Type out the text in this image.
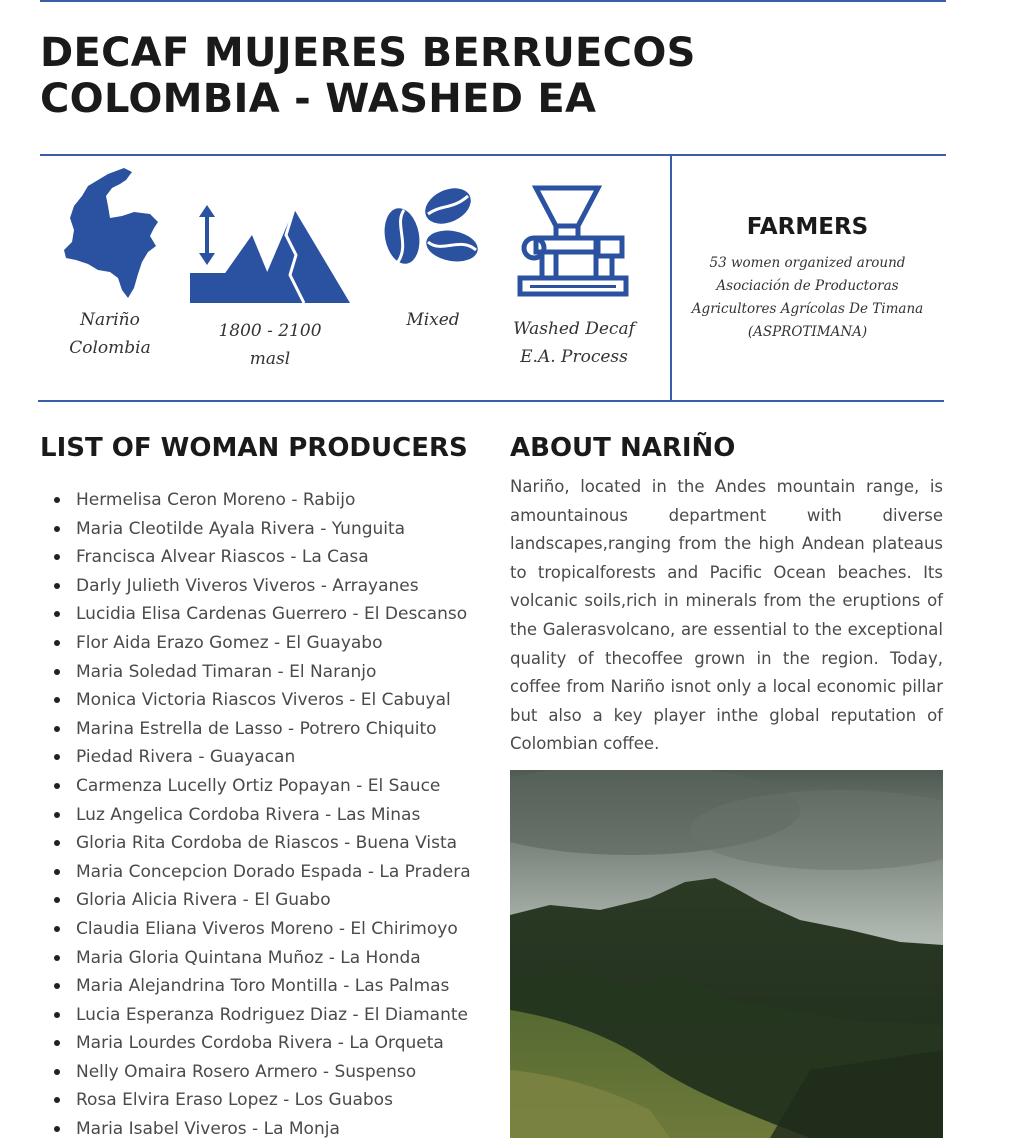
DECAF MUJERES BERRUECOS
COLOMBIA - WASHED EA
Nariño
Colombia
1800 - 2100
masl
Mixed	Washed Decaf
E.A. Process
FARMERS
53 women organized around
Asociación de Productoras
Agricultores Agrícolas De Timana
(ASPROTIMANA)
LIST OF WOMAN PRODUCERS
Hermelisa Ceron Moreno - Rabijo
Maria Cleotilde Ayala Rivera - Yunguita
Francisca Alvear Riascos - La Casa
Darly Julieth Viveros Viveros - Arrayanes
Lucidia Elisa Cardenas Guerrero - El Descanso
Flor Aida Erazo Gomez - El Guayabo
Maria Soledad Timaran - El Naranjo
Monica Victoria Riascos Viveros - El Cabuyal
Marina Estrella de Lasso - Potrero Chiquito
Piedad Rivera - Guayacan
Carmenza Lucelly Ortiz Popayan - El Sauce
Luz Angelica Cordoba Rivera - Las Minas
Gloria Rita Cordoba de Riascos - Buena Vista
Maria Concepcion Dorado Espada - La Pradera
Gloria Alicia Rivera - El Guabo
Claudia Eliana Viveros Moreno - El Chirimoyo
Maria Gloria Quintana Muñoz - La Honda
Maria Alejandrina Toro Montilla - Las Palmas
Lucia Esperanza Rodriguez Diaz - El Diamante
Maria Lourdes Cordoba Rivera - La Orqueta
Nelly Omaira Rosero Armero - Suspenso
Rosa Elvira Eraso Lopez - Los Guabos
Maria Isabel Viveros - La Monja
ABOUT NARIÑO

Nariño, located in the Andes mountain range, is amountainous department with diverse landscapes,ranging from the high Andean plateaus to tropicalforests and Pacific Ocean beaches. Its volcanic soils,rich in minerals from the eruptions of the Galerasvolcano, are essential to the exceptional quality of thecoffee grown in the region. Today, coffee from Nariño isnot only a local economic pillar but also a key player inthe global reputation of Colombian coffee.
